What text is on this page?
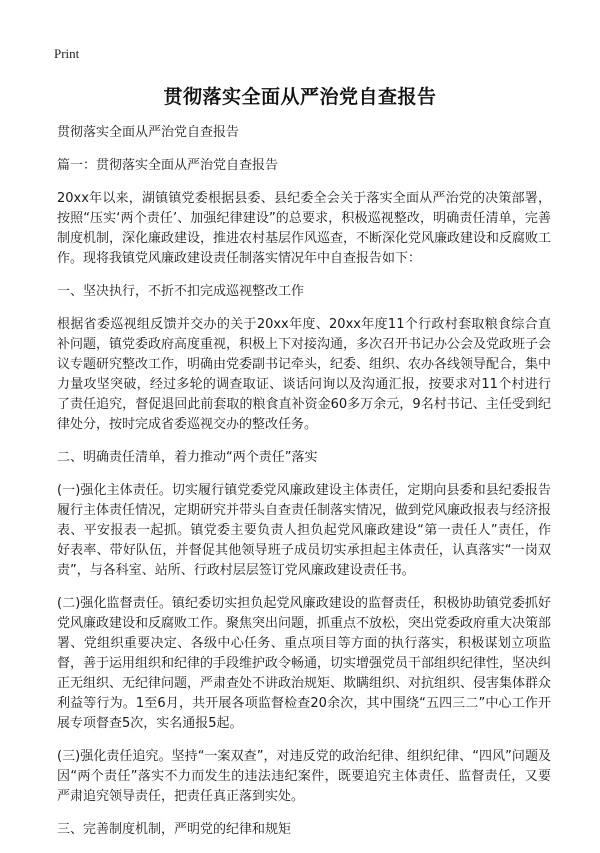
Print
贯彻落实全面从严治党自查报告

贯彻落实全面从严治党自查报告

篇一：贯彻落实全面从严治党自查报告

20xx年以来，湖镇镇党委根据县委、县纪委全会关于落实全面从严治党的决策部署，按照“压实‘两个责任’、加强纪律建设”的总要求，积极巡视整改，明确责任清单，完善制度机制，深化廉政建设，推进农村基层作风巡查，不断深化党风廉政建设和反腐败工作。现将我镇党风廉政建设责任制落实情况年中自查报告如下：

一、坚决执行，不折不扣完成巡视整改工作

根据省委巡视组反馈并交办的关于20xx年度、20xx年度11个行政村套取粮食综合直补问题，镇党委政府高度重视，积极上下对接沟通，多次召开书记办公会及党政班子会议专题研究整改工作，明确由党委副书记牵头，纪委、组织、农办各线领导配合，集中力量攻坚突破，经过多轮的调查取证、谈话问询以及沟通汇报，按要求对11个村进行了责任追究，督促退回此前套取的粮食直补资金60多万余元，9名村书记、主任受到纪律处分，按时完成省委巡视交办的整改任务。

二、明确责任清单，着力推动“两个责任”落实

(一)强化主体责任。切实履行镇党委党风廉政建设主体责任，定期向县委和县纪委报告履行主体责任情况，定期研究并带头自查责任制落实情况，做到党风廉政报表与经济报表、平安报表一起抓。镇党委主要负责人担负起党风廉政建设“第一责任人”责任，作好表率、带好队伍，并督促其他领导班子成员切实承担起主体责任，认真落实“一岗双责”，与各科室、站所、行政村层层签订党风廉政建设责任书。

(二)强化监督责任。镇纪委切实担负起党风廉政建设的监督责任，积极协助镇党委抓好党风廉政建设和反腐败工作。聚焦突出问题，抓重点不放松，突出党委政府重大决策部署、党组织重要决定、各级中心任务、重点项目等方面的执行落实，积极谋划立项监督，善于运用组织和纪律的手段维护政令畅通，切实增强党员干部组织纪律性，坚决纠正无组织、无纪律问题，严肃查处不讲政治规矩、欺瞒组织、对抗组织、侵害集体群众利益等行为。1至6月，共开展各项监督检查20余次，其中围绕“五四三二”中心工作开展专项督查5次，实名通报5起。

(三)强化责任追究。坚持“一案双查”，对违反党的政治纪律、组织纪律、“四风”问题及因“两个责任”落实不力而发生的违法违纪案件，既要追究主体责任、监督责任，又要严肃追究领导责任，把责任真正落到实处。

三、完善制度机制，严明党的纪律和规矩
